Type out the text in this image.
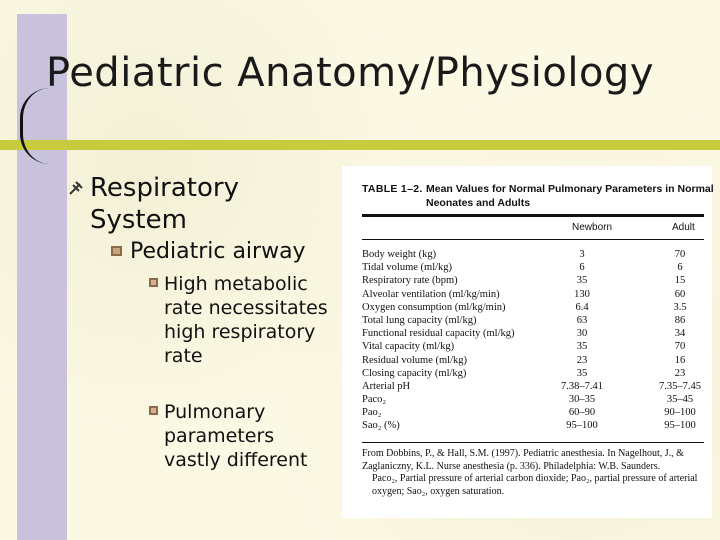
Pediatric Anatomy/Physiology
Respiratory System
Pediatric airway
High metabolic rate necessitates high respiratory rate
Pulmonary parameters vastly different
TABLE 1–2. Mean Values for Normal Pulmonary Parameters in Normal Neonates and Adults
Newborn	Adult
Body weight (kg)	3	70
Tidal volume (ml/kg)	6	6
Respiratory rate (bpm)	35	15
Alveolar ventilation (ml/kg/min)	130	60
Oxygen consumption (ml/kg/min)	6.4	3.5
Total lung capacity (ml/kg)	63	86
Functional residual capacity (ml/kg)	30	34
Vital capacity (ml/kg)	35	70
Residual volume (ml/kg)	23	16
Closing capacity (ml/kg)	35	23
Arterial pH	7.38–7.41	7.35–7.45
Paco₂	30–35	35–45
Pao₂	60–90	90–100
Sao₂ (%)	95–100	95–100
From Dobbins, P., & Hall, S.M. (1997). Pediatric anesthesia. In Nagelhout, J., & Zaglaniczny, K.L. Nurse anesthesia (p. 336). Philadelphia: W.B. Saunders.
Paco₂, Partial pressure of arterial carbon dioxide; Pao₂, partial pressure of arterial oxygen; Sao₂, oxygen saturation.
